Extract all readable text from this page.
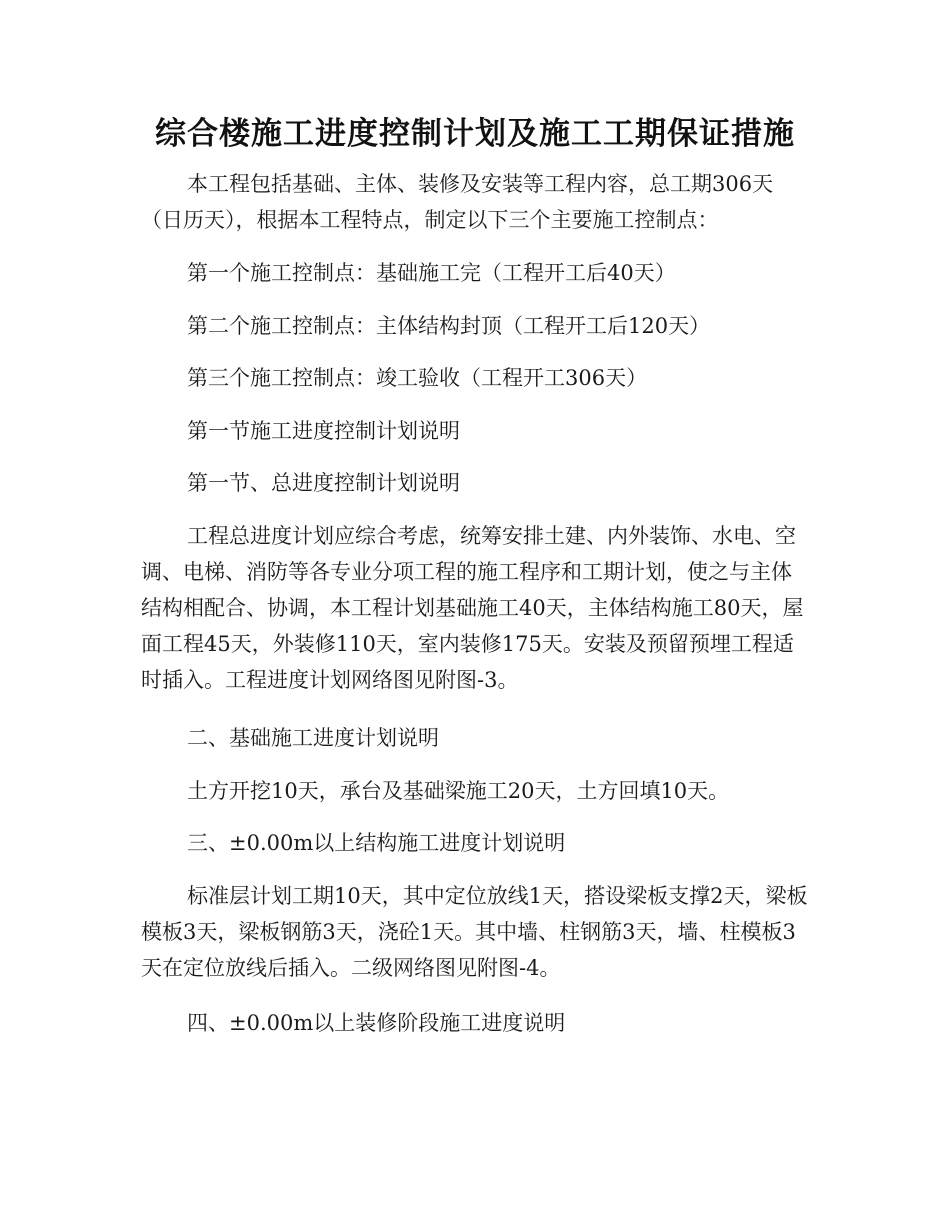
综合楼施工进度控制计划及施工工期保证措施

本工程包括基础、主体、装修及安装等工程内容，总工期306天（日历天），根据本工程特点，制定以下三个主要施工控制点：

第一个施工控制点：基础施工完（工程开工后40天）

第二个施工控制点：主体结构封顶（工程开工后120天）

第三个施工控制点：竣工验收（工程开工306天）

第一节施工进度控制计划说明

第一节、总进度控制计划说明

工程总进度计划应综合考虑，统筹安排土建、内外装饰、水电、空调、电梯、消防等各专业分项工程的施工程序和工期计划，使之与主体结构相配合、协调，本工程计划基础施工40天，主体结构施工80天，屋面工程45天，外装修110天，室内装修175天。安装及预留预埋工程适时插入。工程进度计划网络图见附图-3。

二、基础施工进度计划说明

土方开挖10天，承台及基础梁施工20天，土方回填10天。

三、±0.00m以上结构施工进度计划说明

标准层计划工期10天，其中定位放线1天，搭设梁板支撑2天，梁板模板3天，梁板钢筋3天，浇砼1天。其中墙、柱钢筋3天，墙、柱模板3天在定位放线后插入。二级网络图见附图-4。

四、±0.00m以上装修阶段施工进度说明
